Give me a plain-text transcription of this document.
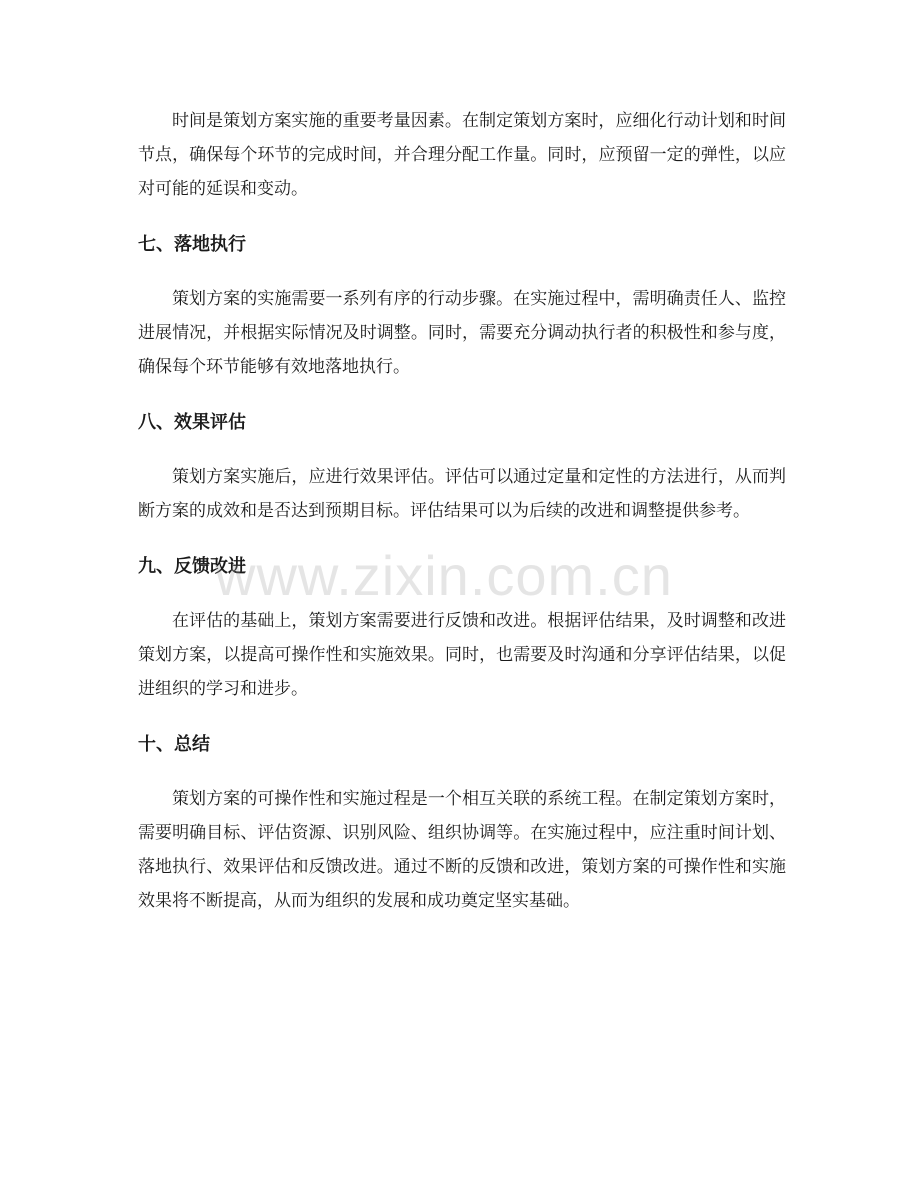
时间是策划方案实施的重要考量因素。在制定策划方案时，应细化行动计划和时间节点，确保每个环节的完成时间，并合理分配工作量。同时，应预留一定的弹性，以应对可能的延误和变动。

七、落地执行

策划方案的实施需要一系列有序的行动步骤。在实施过程中，需明确责任人、监控进展情况，并根据实际情况及时调整。同时，需要充分调动执行者的积极性和参与度，确保每个环节能够有效地落地执行。

八、效果评估

策划方案实施后，应进行效果评估。评估可以通过定量和定性的方法进行，从而判断方案的成效和是否达到预期目标。评估结果可以为后续的改进和调整提供参考。

九、反馈改进

在评估的基础上，策划方案需要进行反馈和改进。根据评估结果，及时调整和改进策划方案，以提高可操作性和实施效果。同时，也需要及时沟通和分享评估结果，以促进组织的学习和进步。

十、总结

策划方案的可操作性和实施过程是一个相互关联的系统工程。在制定策划方案时，需要明确目标、评估资源、识别风险、组织协调等。在实施过程中，应注重时间计划、落地执行、效果评估和反馈改进。通过不断的反馈和改进，策划方案的可操作性和实施效果将不断提高，从而为组织的发展和成功奠定坚实基础。

www.zixin.com.cn
